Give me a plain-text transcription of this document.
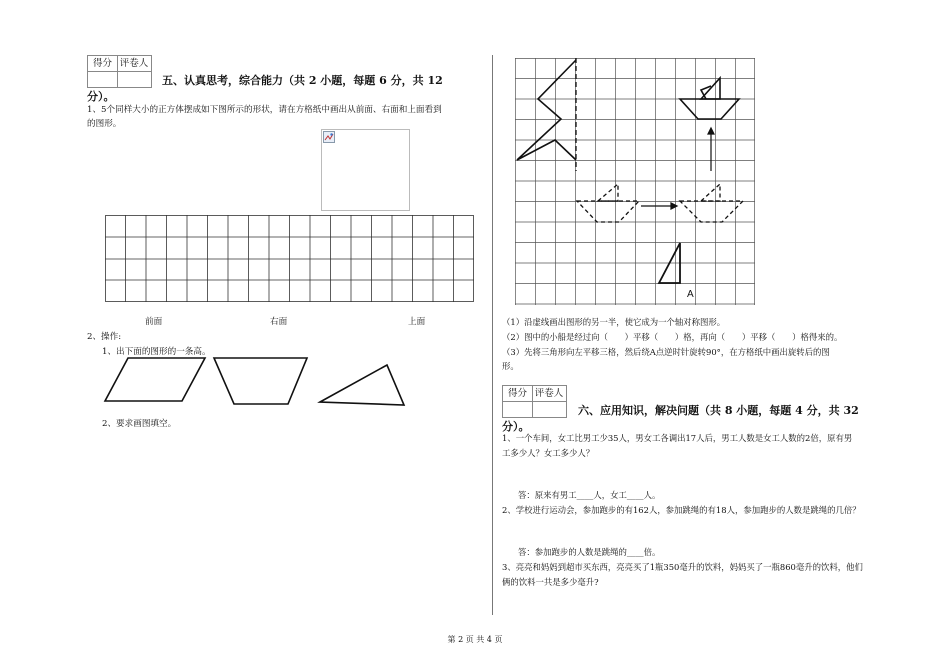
得分 评卷人
五、认真思考，综合能力（共 2 小题，每题 6 分，共 12
分）。
1、5个同样大小的正方体摆成如下图所示的形状，请在方格纸中画出从前面、右面和上面看到
的图形。
前面	右面	上面
2、操作:
1、出下面的图形的一条高。
2、要求画图填空。
A
（1）沿虚线画出图形的另一半，使它成为一个轴对称图形。
（2）图中的小船是经过向（　　）平移（　　）格，再向（　　）平移（　　）格得来的。
（3）先将三角形向左平移三格，然后绕A点逆时针旋转90°，在方格纸中画出旋转后的图
形。
得分 评卷人
六、应用知识，解决问题（共 8 小题，每题 4 分，共 32
分）。
1、一个车间，女工比男工少35人，男女工各调出17人后，男工人数是女工人数的2倍，原有男
工多少人？女工多少人？
答：原来有男工____人，女工____人。
2、学校进行运动会，参加跑步的有162人，参加跳绳的有18人，参加跑步的人数是跳绳的几倍？
答：参加跑步的人数是跳绳的____倍。
3、亮亮和妈妈到超市买东西，亮亮买了1瓶350毫升的饮料，妈妈买了一瓶860毫升的饮料，他们
俩的饮料一共是多少毫升?
第 2 页 共 4 页
